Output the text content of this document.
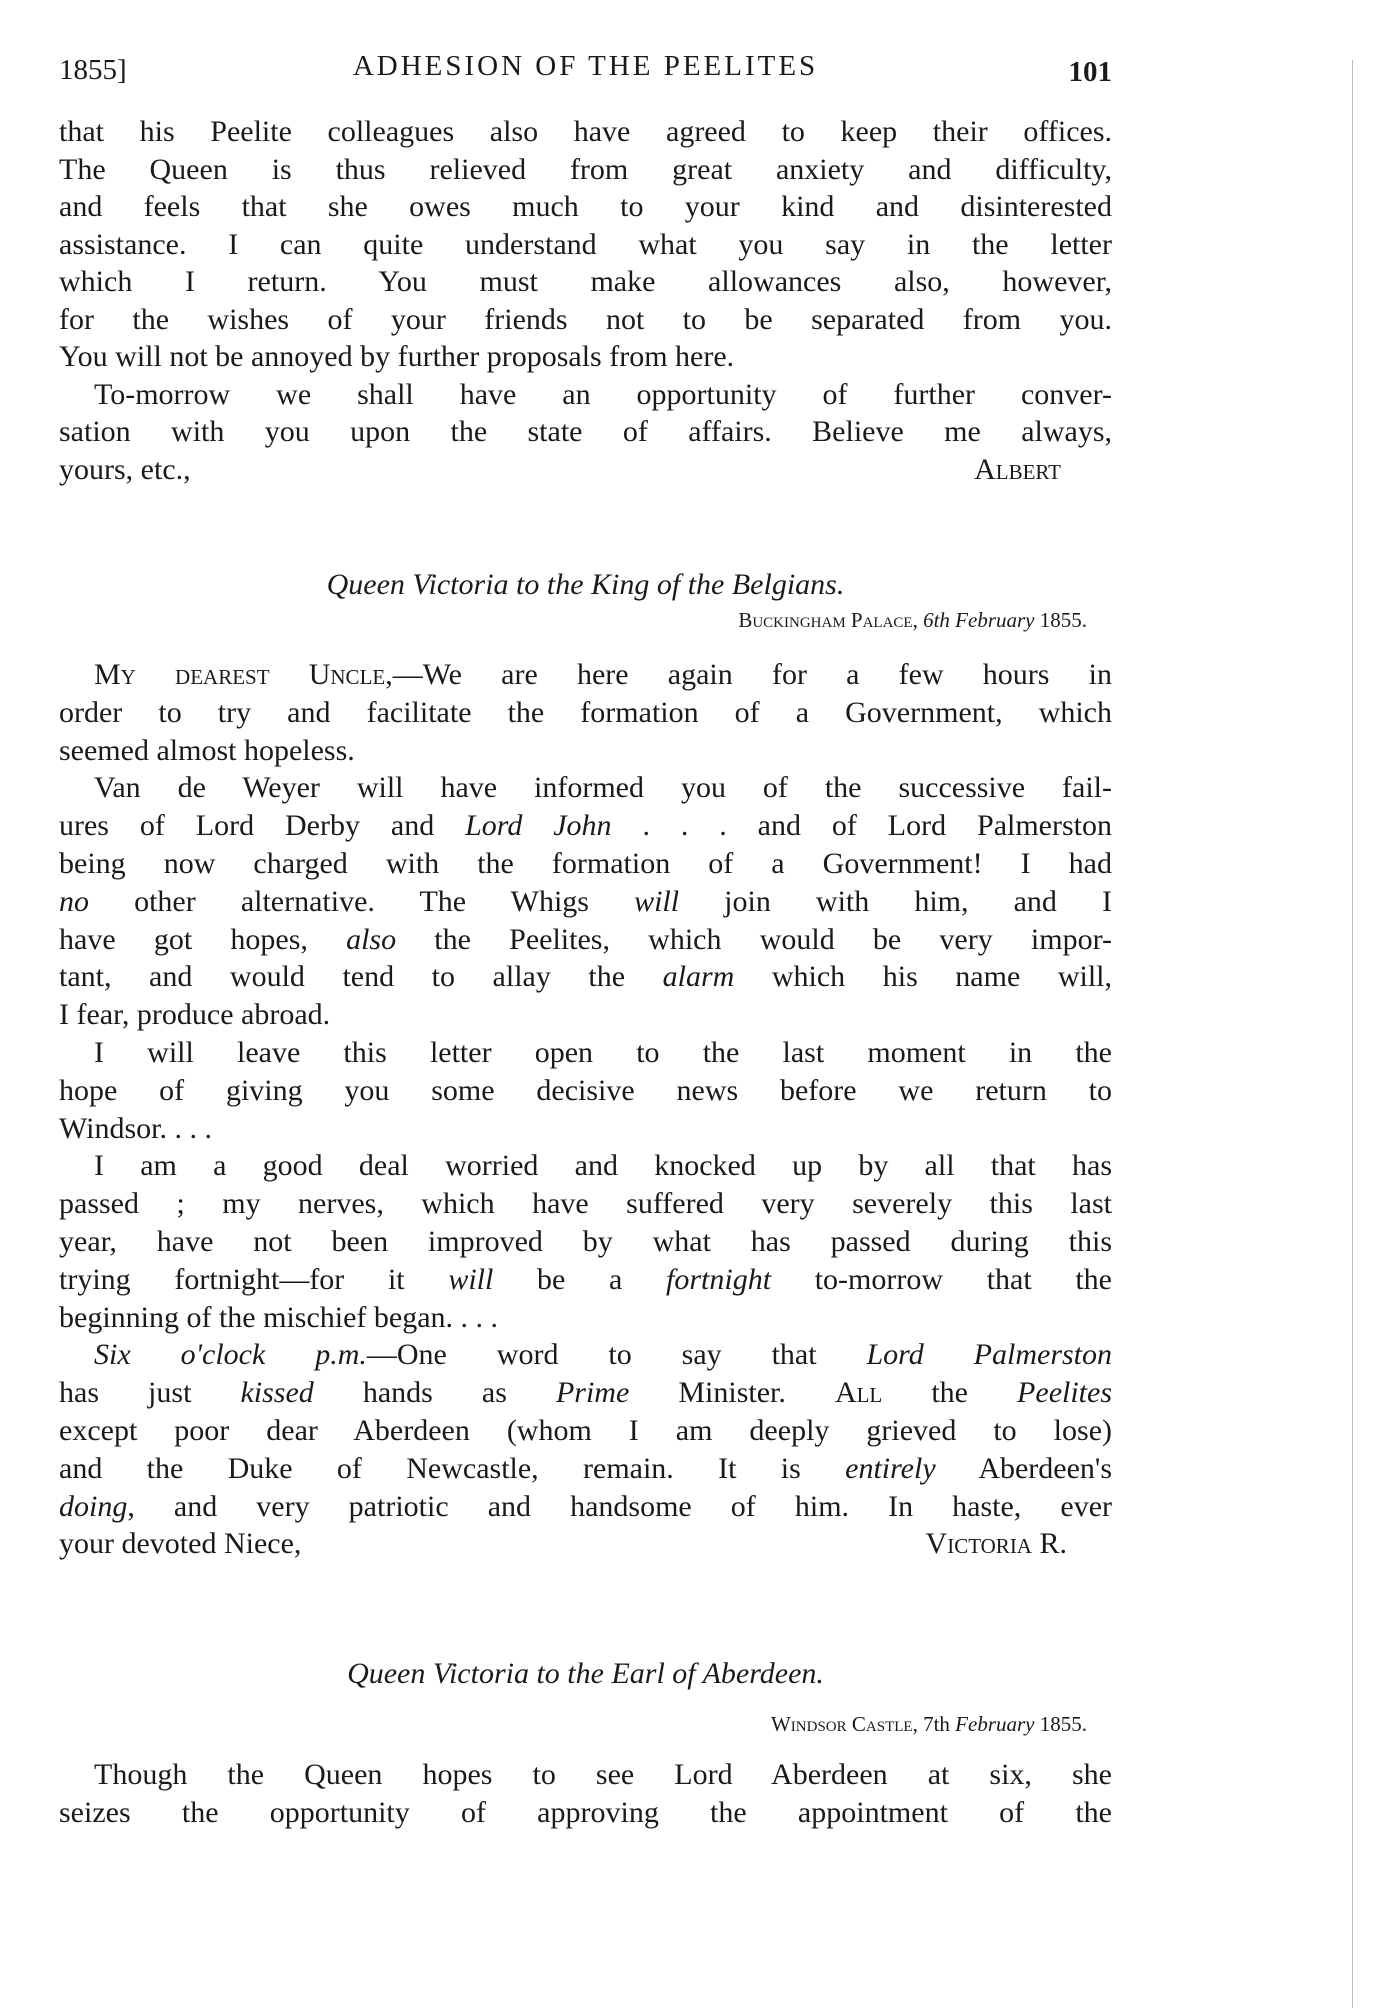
1855]	ADHESION OF THE PEELITES	101
that his Peelite colleagues also have agreed to keep their offices.
The Queen is thus relieved from great anxiety and difficulty,
and feels that she owes much to your kind and disinterested
assistance. I can quite understand what you say in the letter
which I return. You must make allowances also, however,
for the wishes of your friends not to be separated from you.
You will not be annoyed by further proposals from here.
To-morrow we shall have an opportunity of further conver-
sation with you upon the state of affairs. Believe me always,
yours, etc.,	Albert
Queen Victoria to the King of the Belgians.
Buckingham Palace, 6th February 1855.
My dearest Uncle,—We are here again for a few hours in
order to try and facilitate the formation of a Government, which
seemed almost hopeless.
Van de Weyer will have informed you of the successive fail-
ures of Lord Derby and Lord John . . . and of Lord Palmerston
being now charged with the formation of a Government! I had
no other alternative. The Whigs will join with him, and I
have got hopes, also the Peelites, which would be very impor-
tant, and would tend to allay the alarm which his name will,
I fear, produce abroad.
I will leave this letter open to the last moment in the
hope of giving you some decisive news before we return to
Windsor. . . .
I am a good deal worried and knocked up by all that has
passed ; my nerves, which have suffered very severely this last
year, have not been improved by what has passed during this
trying fortnight—for it will be a fortnight to-morrow that the
beginning of the mischief began. . . .
Six o'clock p.m.—One word to say that Lord Palmerston
has just kissed hands as Prime Minister. All the Peelites
except poor dear Aberdeen (whom I am deeply grieved to lose)
and the Duke of Newcastle, remain. It is entirely Aberdeen's
doing, and very patriotic and handsome of him. In haste, ever
your devoted Niece,	Victoria R.
Queen Victoria to the Earl of Aberdeen.
Windsor Castle, 7th February 1855.
Though the Queen hopes to see Lord Aberdeen at six, she
seizes the opportunity of approving the appointment of the
